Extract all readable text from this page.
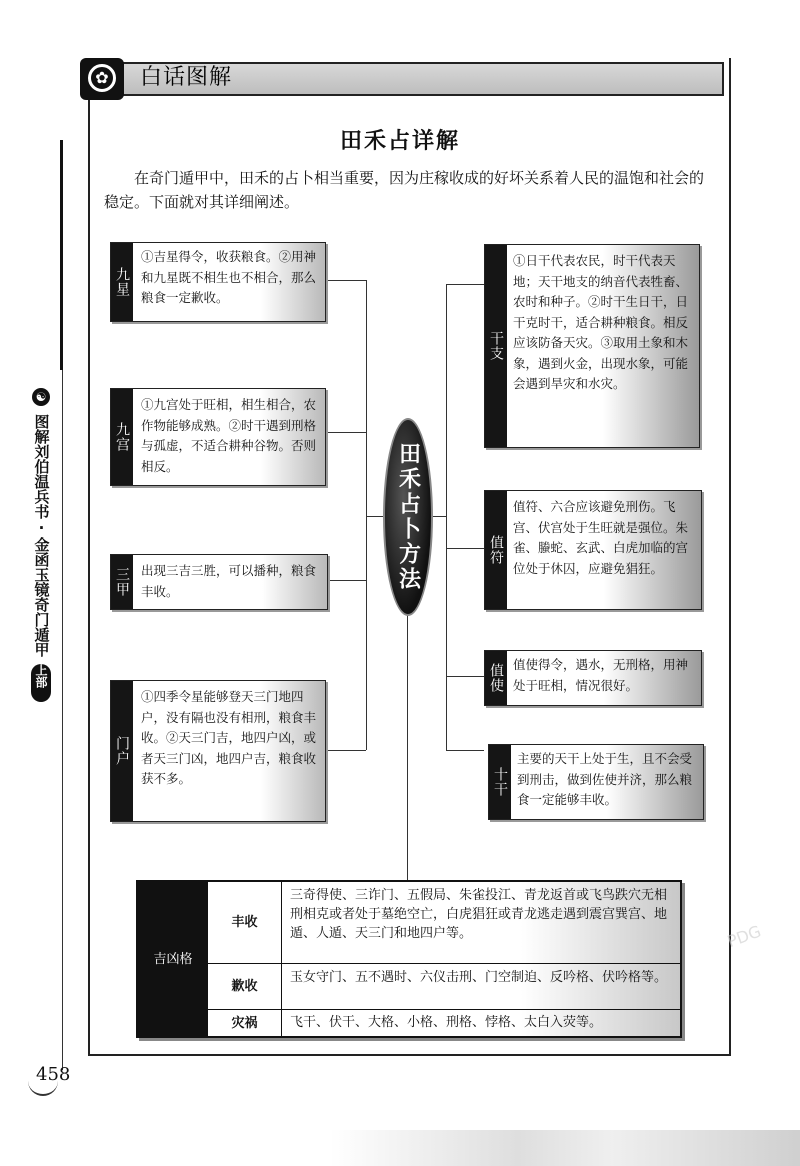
✿	白话图解
田禾占详解
在奇门遁甲中，田禾的占卜相当重要，因为庄稼收成的好坏关系着人民的温饱和社会的稳定。下面就对其详细阐述。
☯
图解刘伯温兵书·金函玉镜奇门遁甲
上部
田禾占卜方法
九星
①吉星得令，收获粮食。②用神和九星既不相生也不相合，那么粮食一定歉收。
九宫
①九宫处于旺相，相生相合，农作物能够成熟。②时干遇到刑格与孤虚，不适合耕种谷物。否则相反。
三甲 出现三吉三胜，可以播种，粮食丰收。
门户
①四季令星能够登天三门地四户，没有隔也没有相刑，粮食丰收。②天三门吉，地四户凶，或者天三门凶，地四户吉，粮食收获不多。
干支
①日干代表农民，时干代表天地；天干地支的纳音代表牲畜、农时和种子。②时干生日干，日干克时干，适合耕种粮食。相反应该防备天灾。③取用土象和木象，遇到火金，出现水象，可能会遇到旱灾和水灾。
值符
值符、六合应该避免刑伤。飞宫、伏宫处于生旺就是强位。朱雀、螣蛇、玄武、白虎加临的宫位处于休囚，应避免猖狂。
值使 值使得令，遇水，无刑格，用神处于旺相，情况很好。
十干
主要的天干上处于生，且不会受到刑击，做到佐使并济，那么粮食一定能够丰收。
PDG
吉凶格
丰收
三奇得使、三诈门、五假局、朱雀投江、青龙返首或飞鸟跌穴无相刑相克或者处于墓绝空亡，白虎猖狂或青龙逃走遇到震宫巽宫、地遁、人遁、天三门和地四户等。
歉收
玉女守门、五不遇时、六仪击刑、门空制迫、反吟格、伏吟格等。
灾祸	飞干、伏干、大格、小格、刑格、悖格、太白入荧等。
458
